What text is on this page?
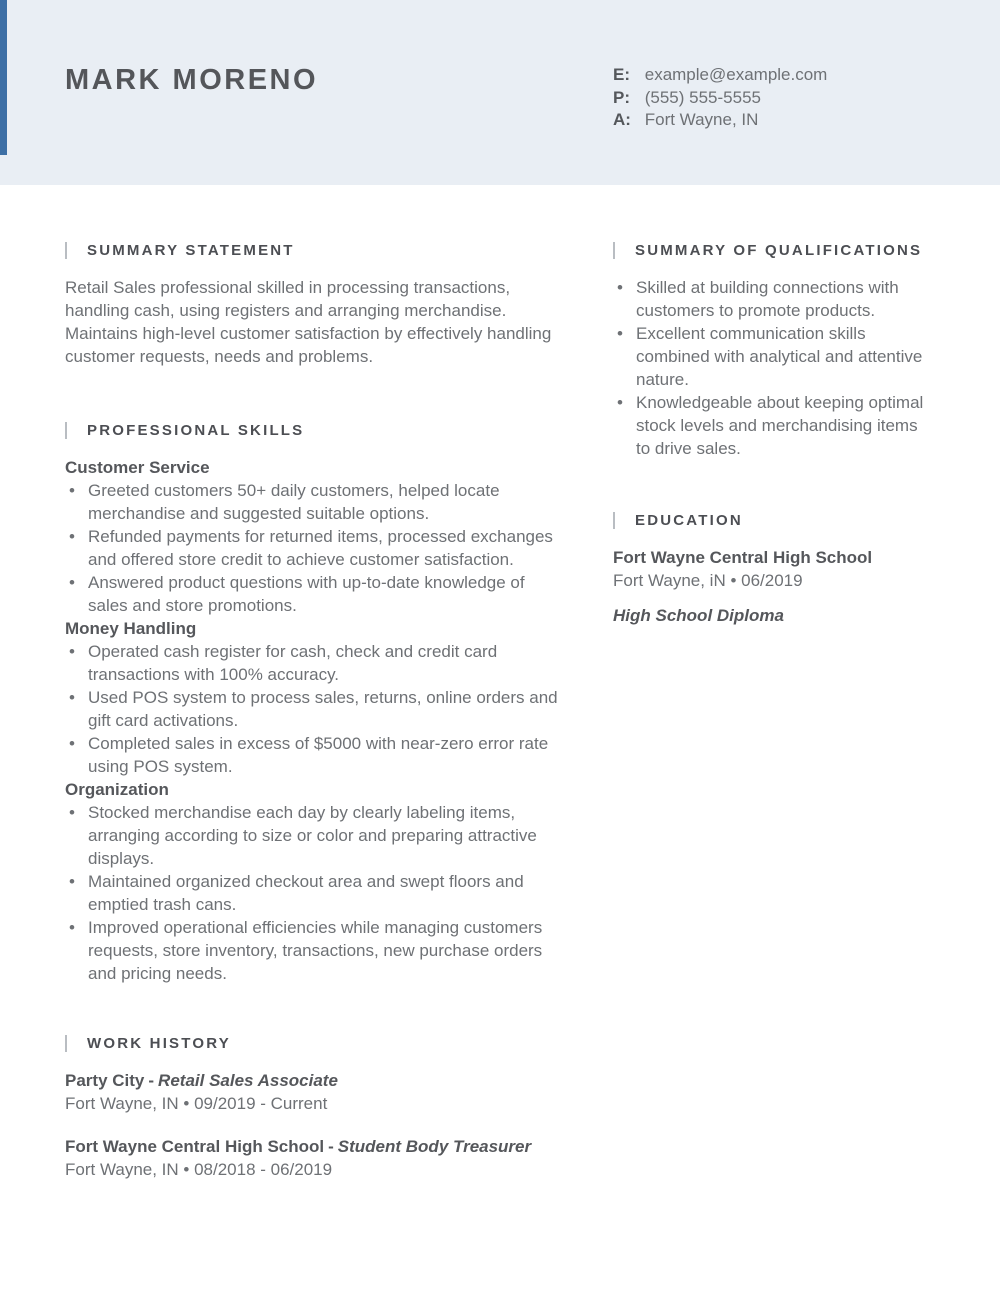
MARK MORENO	E: example@example.com
P: (555) 555-5555
A: Fort Wayne, IN
SUMMARY STATEMENT

Retail Sales professional skilled in processing transactions, handling cash, using registers and arranging merchandise. Maintains high-level customer satisfaction by effectively handling customer requests, needs and problems.

PROFESSIONAL SKILLS
Customer Service
• Greeted customers 50+ daily customers, helped locate merchandise and suggested suitable options.
• Refunded payments for returned items, processed exchanges and offered store credit to achieve customer satisfaction.
• Answered product questions with up-to-date knowledge of sales and store promotions.
Money Handling
• Operated cash register for cash, check and credit card transactions with 100% accuracy.
• Used POS system to process sales, returns, online orders and gift card activations.
• Completed sales in excess of $5000 with near-zero error rate using POS system.
Organization
• Stocked merchandise each day by clearly labeling items, arranging according to size or color and preparing attractive displays.
• Maintained organized checkout area and swept floors and emptied trash cans.
• Improved operational efficiencies while managing customers requests, store inventory, transactions, new purchase orders and pricing needs.
WORK HISTORY
Party City - Retail Sales Associate
Fort Wayne, IN • 09/2019 - Current
Fort Wayne Central High School - Student Body Treasurer
Fort Wayne, IN • 08/2018 - 06/2019
SUMMARY OF QUALIFICATIONS
• Skilled at building connections with customers to promote products.
• Excellent communication skills combined with analytical and attentive nature.
• Knowledgeable about keeping optimal stock levels and merchandising items to drive sales.
EDUCATION
Fort Wayne Central High School
Fort Wayne, iN • 06/2019
High School Diploma
